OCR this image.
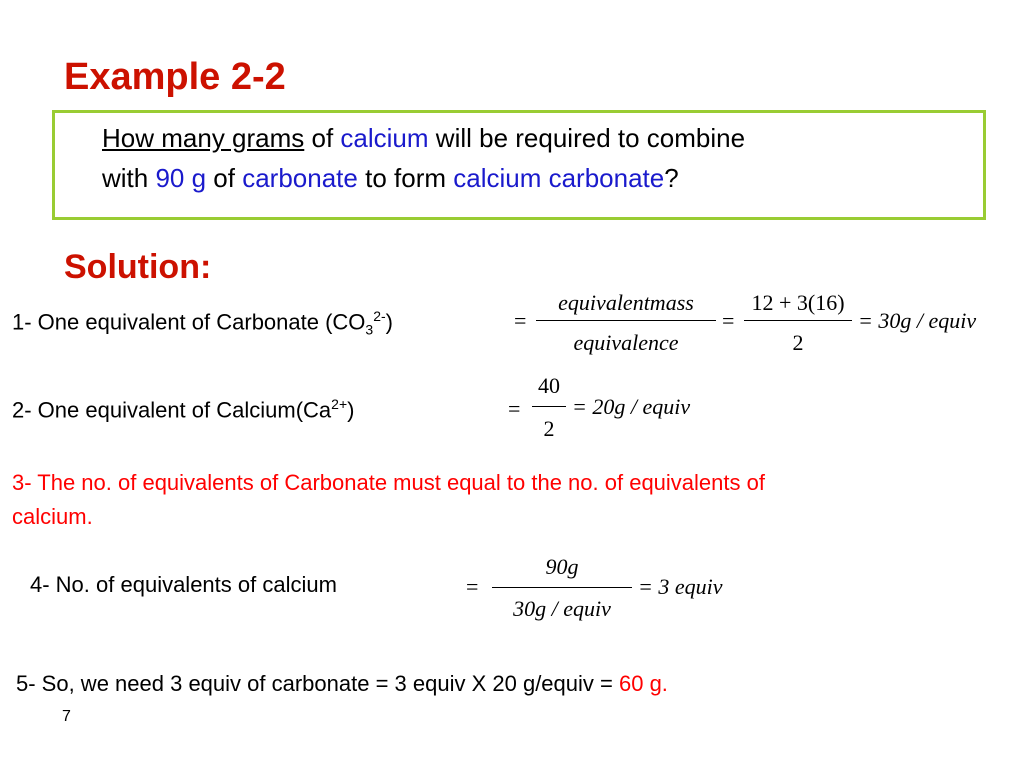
Example 2-2
How many grams of calcium will be required to combine
with 90 g of carbonate to form calcium carbonate?
Solution:
1- One equivalent of Carbonate $(CO_3^{2-})$	=
equivalentmass
equivalence
=
12 + 3(16)
2
= 30g / equiv
2- One equivalent of $Calcium(Ca^{2+})$	=
40
2
= 20g / equiv
3- The no. of equivalents of Carbonate must equal to the no. of equivalents of
calcium.
4- No. of equivalents of calcium	=
90g
30g / equiv
= 3 equiv
5- So, we need 3 equiv of carbonate = 3 equiv X 20 g/equiv = 60 g.
7
